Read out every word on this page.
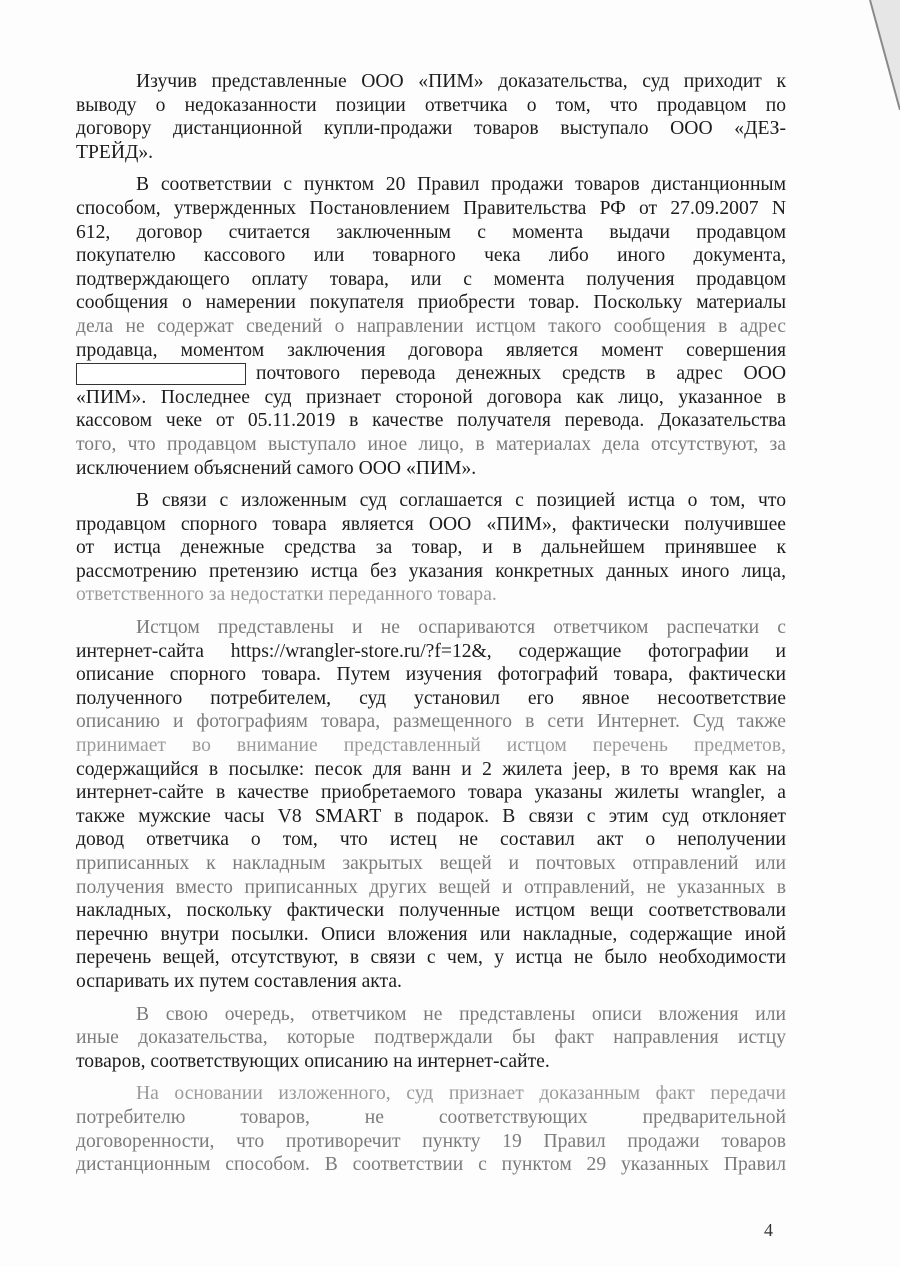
Изучив представленные ООО «ПИМ» доказательства, суд приходит к
выводу о недоказанности позиции ответчика о том, что продавцом по
договору дистанционной купли-продажи товаров выступало ООО «ДЕЗ-
ТРЕЙД».

В соответствии с пунктом 20 Правил продажи товаров дистанционным
способом, утвержденных Постановлением Правительства РФ от 27.09.2007 N
612, договор считается заключенным с момента выдачи продавцом
покупателю кассового или товарного чека либо иного документа,
подтверждающего оплату товара, или с момента получения продавцом
сообщения о намерении покупателя приобрести товар. Поскольку материалы
дела не содержат сведений о направлении истцом такого сообщения в адрес
продавца, моментом заключения договора является момент совершения
почтового перевода денежных средств в адрес ООО
«ПИМ». Последнее суд признает стороной договора как лицо, указанное в
кассовом чеке от 05.11.2019 в качестве получателя перевода. Доказательства
того, что продавцом выступало иное лицо, в материалах дела отсутствуют, за
исключением объяснений самого ООО «ПИМ».

В связи с изложенным суд соглашается с позицией истца о том, что
продавцом спорного товара является ООО «ПИМ», фактически получившее
от истца денежные средства за товар, и в дальнейшем принявшее к
рассмотрению претензию истца без указания конкретных данных иного лица,
ответственного за недостатки переданного товара.

Истцом представлены и не оспариваются ответчиком распечатки с
интернет-сайта https://wrangler-store.ru/?f=12&, содержащие фотографии и
описание спорного товара. Путем изучения фотографий товара, фактически
полученного потребителем, суд установил его явное несоответствие
описанию и фотографиям товара, размещенного в сети Интернет. Суд также
принимает во внимание представленный истцом перечень предметов,
содержащийся в посылке: песок для ванн и 2 жилета jeep, в то время как на
интернет-сайте в качестве приобретаемого товара указаны жилеты wrangler, а
также мужские часы V8 SMART в подарок. В связи с этим суд отклоняет
довод ответчика о том, что истец не составил акт о неполучении
приписанных к накладным закрытых вещей и почтовых отправлений или
получения вместо приписанных других вещей и отправлений, не указанных в
накладных, поскольку фактически полученные истцом вещи соответствовали
перечню внутри посылки. Описи вложения или накладные, содержащие иной
перечень вещей, отсутствуют, в связи с чем, у истца не было необходимости
оспаривать их путем составления акта.

В свою очередь, ответчиком не представлены описи вложения или
иные доказательства, которые подтверждали бы факт направления истцу
товаров, соответствующих описанию на интернет-сайте.

На основании изложенного, суд признает доказанным факт передачи
потребителю товаров, не соответствующих предварительной
договоренности, что противоречит пункту 19 Правил продажи товаров
дистанционным способом. В соответствии с пунктом 29 указанных Правил

4
